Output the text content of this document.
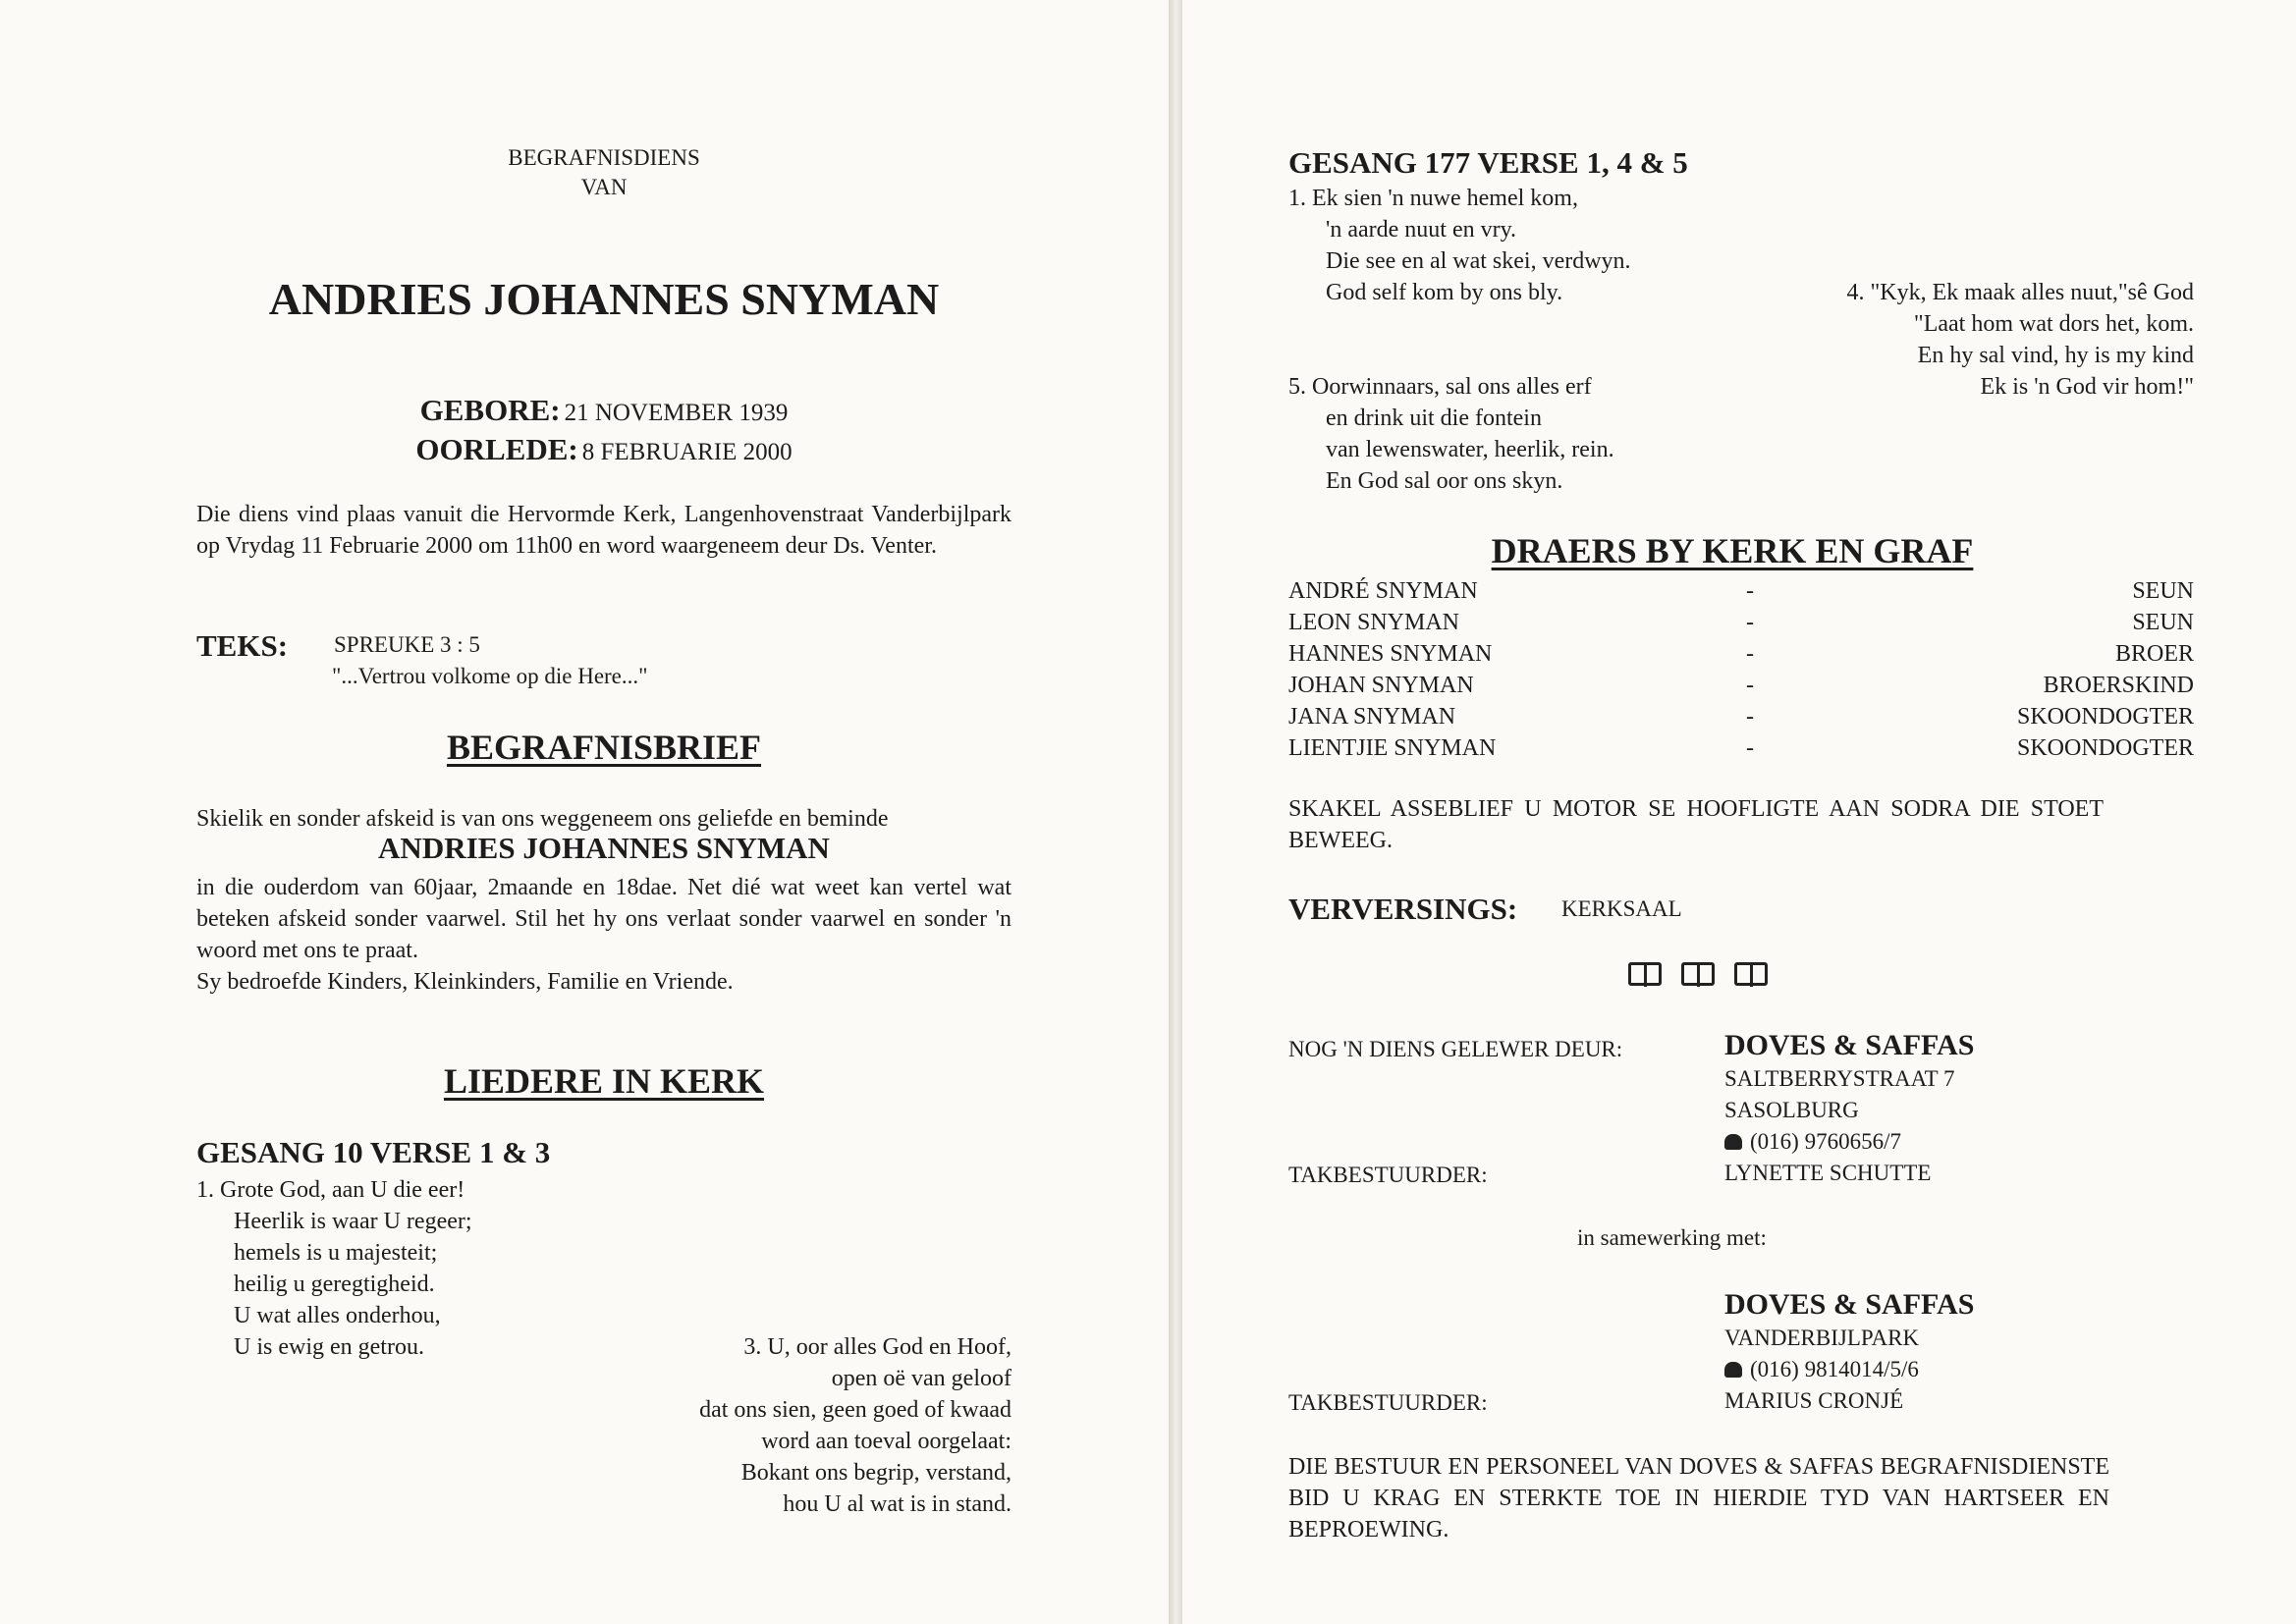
BEGRAFNISDIENS
VAN
ANDRIES JOHANNES SNYMAN
GEBORE: 21 NOVEMBER 1939
OORLEDE: 8 FEBRUARIE 2000
Die diens vind plaas vanuit die Hervormde Kerk, Langenhovenstraat Vanderbijlpark op Vrydag 11 Februarie 2000 om 11h00 en word waargeneem deur Ds. Venter.
TEKS: SPREUKE 3 : 5
"...Vertrou volkome op die Here..."
BEGRAFNISBRIEF
Skielik en sonder afskeid is van ons weggeneem ons geliefde en beminde
ANDRIES JOHANNES SNYMAN
in die ouderdom van 60jaar, 2maande en 18dae. Net dié wat weet kan vertel wat beteken afskeid sonder vaarwel. Stil het hy ons verlaat sonder vaarwel en sonder 'n woord met ons te praat.
Sy bedroefde Kinders, Kleinkinders, Familie en Vriende.
LIEDERE IN KERK
GESANG 10 VERSE 1 & 3
1. Grote God, aan U die eer!
Heerlik is waar U regeer;
hemels is u majesteit;
heilig u geregtigheid.
U wat alles onderhou,
U is ewig en getrou.	3. U, oor alles God en Hoof,
open oë van geloof
dat ons sien, geen goed of kwaad
word aan toeval oorgelaat:
Bokant ons begrip, verstand,
hou U al wat is in stand.
GESANG 177 VERSE 1, 4 & 5
1. Ek sien 'n nuwe hemel kom,
'n aarde nuut en vry.
Die see en al wat skei, verdwyn.
God self kom by ons bly.	4. "Kyk, Ek maak alles nuut,"sê God
"Laat hom wat dors het, kom.
En hy sal vind, hy is my kind
Ek is 'n God vir hom!"
5. Oorwinnaars, sal ons alles erf
en drink uit die fontein
van lewenswater, heerlik, rein.
En God sal oor ons skyn.
DRAERS BY KERK EN GRAF
ANDRÉ SNYMAN	-	SEUN
LEON SNYMAN	-	SEUN
HANNES SNYMAN	-	BROER
JOHAN SNYMAN	-	BROERSKIND
JANA SNYMAN	-	SKOONDOGTER
LIENTJIE SNYMAN	-	SKOONDOGTER
SKAKEL ASSEBLIEF U MOTOR SE HOOFLIGTE AAN SODRA DIE STOET BEWEEG.
VERVERSINGS: KERKSAAL
NOG 'N DIENS GELEWER DEUR:	DOVES & SAFFAS
SALTBERRYSTRAAT 7
SASOLBURG
(016) 9760656/7
TAKBESTUURDER:	LYNETTE SCHUTTE
in samewerking met:
DOVES & SAFFAS
VANDERBIJLPARK
(016) 9814014/5/6
TAKBESTUURDER:	MARIUS CRONJÉ
DIE BESTUUR EN PERSONEEL VAN DOVES & SAFFAS BEGRAFNISDIENSTE BID U KRAG EN STERKTE TOE IN HIERDIE TYD VAN HARTSEER EN BEPROEWING.
